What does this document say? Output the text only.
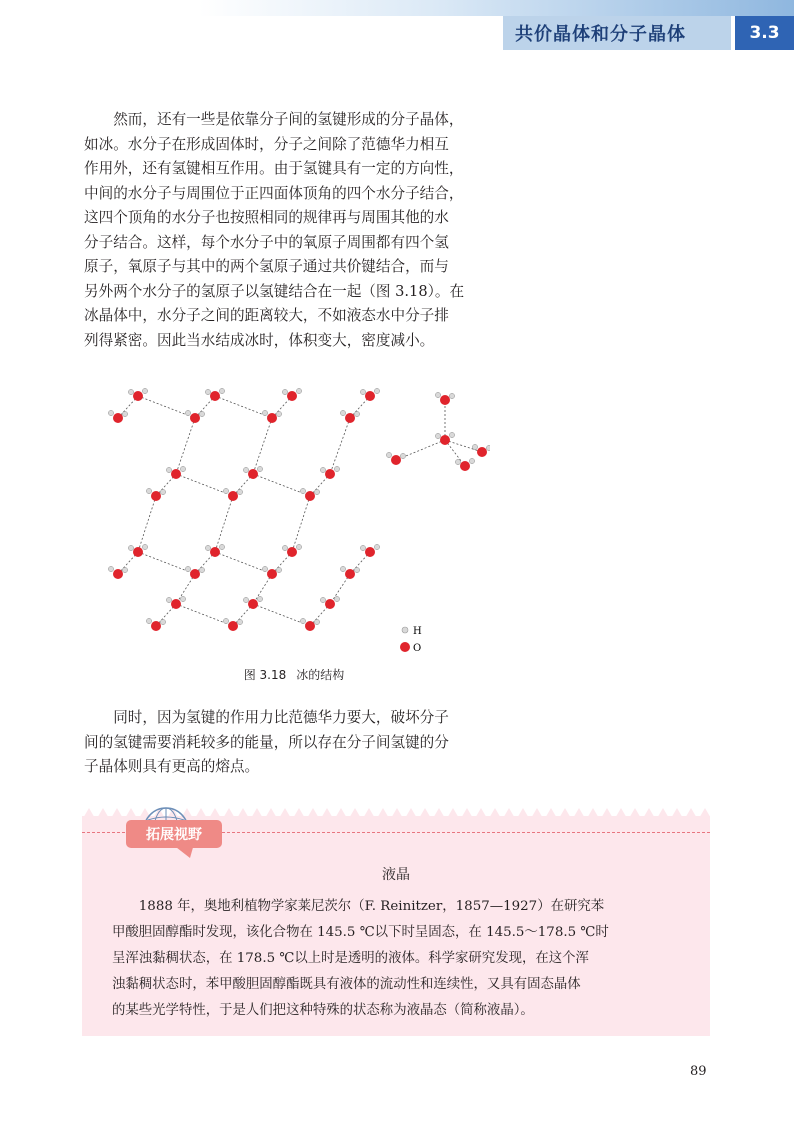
共价晶体和分子晶体	3.3
　　然而，还有一些是依靠分子间的氢键形成的分子晶体，
如冰。水分子在形成固体时，分子之间除了范德华力相互
作用外，还有氢键相互作用。由于氢键具有一定的方向性，
中间的水分子与周围位于正四面体顶角的四个水分子结合，
这四个顶角的水分子也按照相同的规律再与周围其他的水
分子结合。这样，每个水分子中的氧原子周围都有四个氢
原子，氧原子与其中的两个氢原子通过共价键结合，而与
另外两个水分子的氢原子以氢键结合在一起（图 3.18）。在
冰晶体中，水分子之间的距离较大，不如液态水中分子排
列得紧密。因此当水结成冰时，体积变大，密度减小。
H
O
图 3.18 冰的结构
　　同时，因为氢键的作用力比范德华力要大，破坏分子
间的氢键需要消耗较多的能量，所以存在分子间氢键的分
子晶体则具有更高的熔点。
拓展视野
液晶
　　1888 年，奥地利植物学家莱尼茨尔（F. Reinitzer，1857—1927）在研究苯
甲酸胆固醇酯时发现，该化合物在 145.5 ℃以下时呈固态，在 145.5～178.5 ℃时
呈浑浊黏稠状态，在 178.5 ℃以上时是透明的液体。科学家研究发现，在这个浑
浊黏稠状态时，苯甲酸胆固醇酯既具有液体的流动性和连续性，又具有固态晶体
的某些光学特性，于是人们把这种特殊的状态称为液晶态（简称液晶）。
89
